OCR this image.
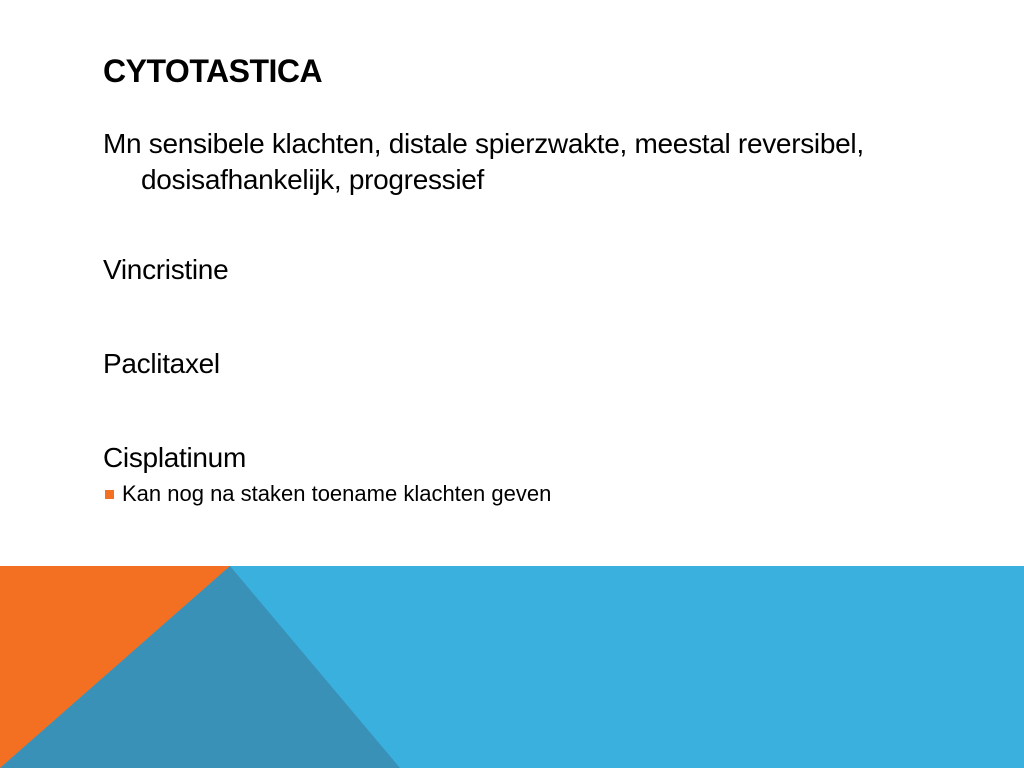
CYTOTASTICA

Mn sensibele klachten, distale spierzwakte, meestal reversibel, dosisafhankelijk, progressief

Vincristine

Paclitaxel

Cisplatinum

Kan nog na staken toename klachten geven
